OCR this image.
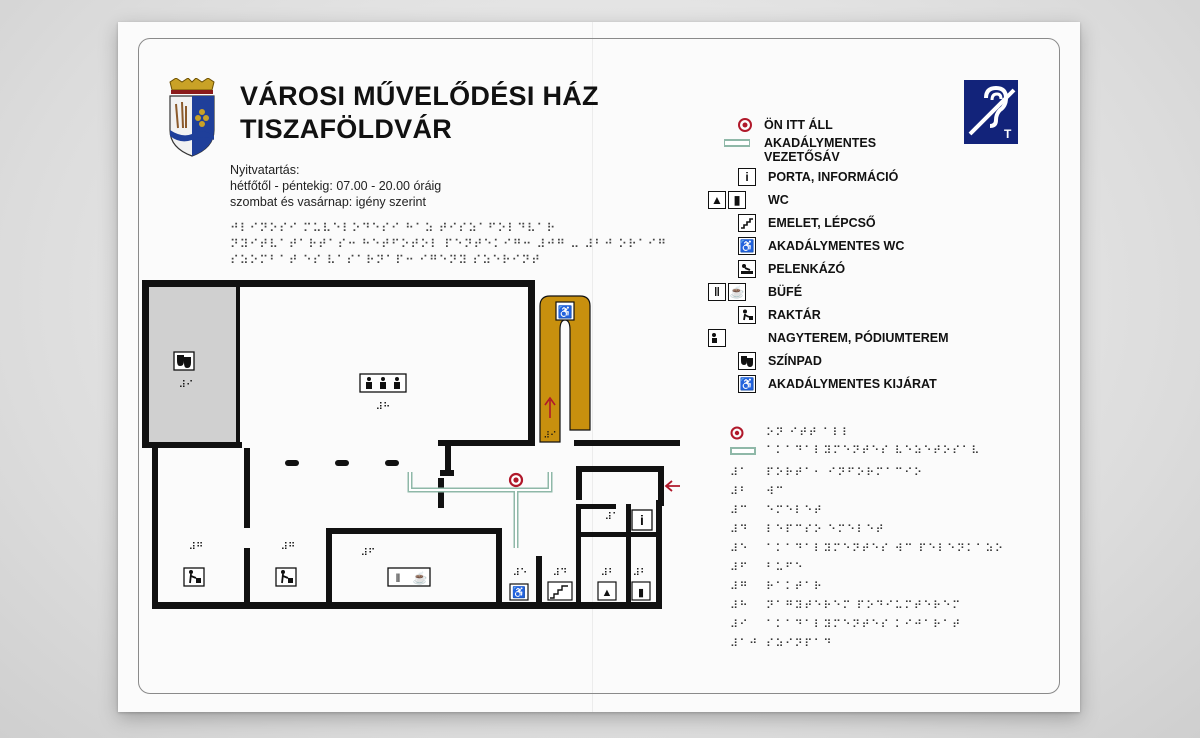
VÁROSI MŰVELŐDÉSI HÁZ
TISZAFÖLDVÁR
Nyitvatartás:
hétfőtől - péntekig: 07.00 - 20.00 óráig
szombat és vasárnap: igény szerint
⠚⠇⠊⠝⠕⠎⠊ ⠍⠥⠧⠑⠇⠕⠙⠑⠎⠊ ⠓⠁⠵ ⠞⠊⠎⠵⠁⠋⠕⠇⠙⠧⠁⠗
⠝⠽⠊⠞⠧⠁⠞⠁⠗⠞⠁⠎⠒ ⠓⠑⠞⠋⠕⠞⠕⠇ ⠏⠑⠝⠞⠑⠅⠊⠛⠒ ⠼⠚⠛ ⠤ ⠼⠃⠚ ⠕⠗⠁⠊⠛
⠎⠵⠕⠍⠃⠁⠞ ⠑⠎ ⠧⠁⠎⠁⠗⠝⠁⠏⠒ ⠊⠛⠑⠝⠽ ⠎⠵⠑⠗⠊⠝⠞
T
ÖN ITT ÁLL
AKADÁLYMENTES
VEZETŐSÁV
i	PORTA, INFORMÁCIÓ
▲ ▮	WC
EMELET, LÉPCSŐ
♿ AKADÁLYMENTES WC
PELENKÁZÓ
ǁ ☕ BÜFÉ
RAKTÁR
NAGYTEREM, PÓDIUMTEREM
SZÍNPAD
♿ AKADÁLYMENTES KIJÁRAT
♿
⠼⠊
⠼⠊
⠼⠓
⠼⠛	⠼⠛
⠼⠋
ǁ ☕	⠼⠑
♿
⠼⠙	⠼⠃ ⠼⠃
▲ ▮
⠼⠁ i
⠕⠝ ⠊⠞⠞ ⠁⠇⠇
⠁⠅⠁⠙⠁⠇⠽⠍⠑⠝⠞⠑⠎ ⠧⠑⠵⠑⠞⠕⠎⠁⠧
⠼⠁ ⠏⠕⠗⠞⠁⠂ ⠊⠝⠋⠕⠗⠍⠁⠉⠊⠕
⠼⠃ ⠺⠉
⠼⠉ ⠑⠍⠑⠇⠑⠞
⠼⠙ ⠇⠑⠏⠉⠎⠕ ⠑⠍⠑⠇⠑⠞
⠼⠑ ⠁⠅⠁⠙⠁⠇⠽⠍⠑⠝⠞⠑⠎ ⠺⠉ ⠏⠑⠇⠑⠝⠅⠁⠵⠕
⠼⠋ ⠃⠥⠋⠑
⠼⠛ ⠗⠁⠅⠞⠁⠗
⠼⠓ ⠝⠁⠛⠽⠞⠑⠗⠑⠍ ⠏⠕⠙⠊⠥⠍⠞⠑⠗⠑⠍
⠼⠊ ⠁⠅⠁⠙⠁⠇⠽⠍⠑⠝⠞⠑⠎ ⠅⠊⠚⠁⠗⠁⠞
⠼⠁⠚ ⠎⠵⠊⠝⠏⠁⠙
